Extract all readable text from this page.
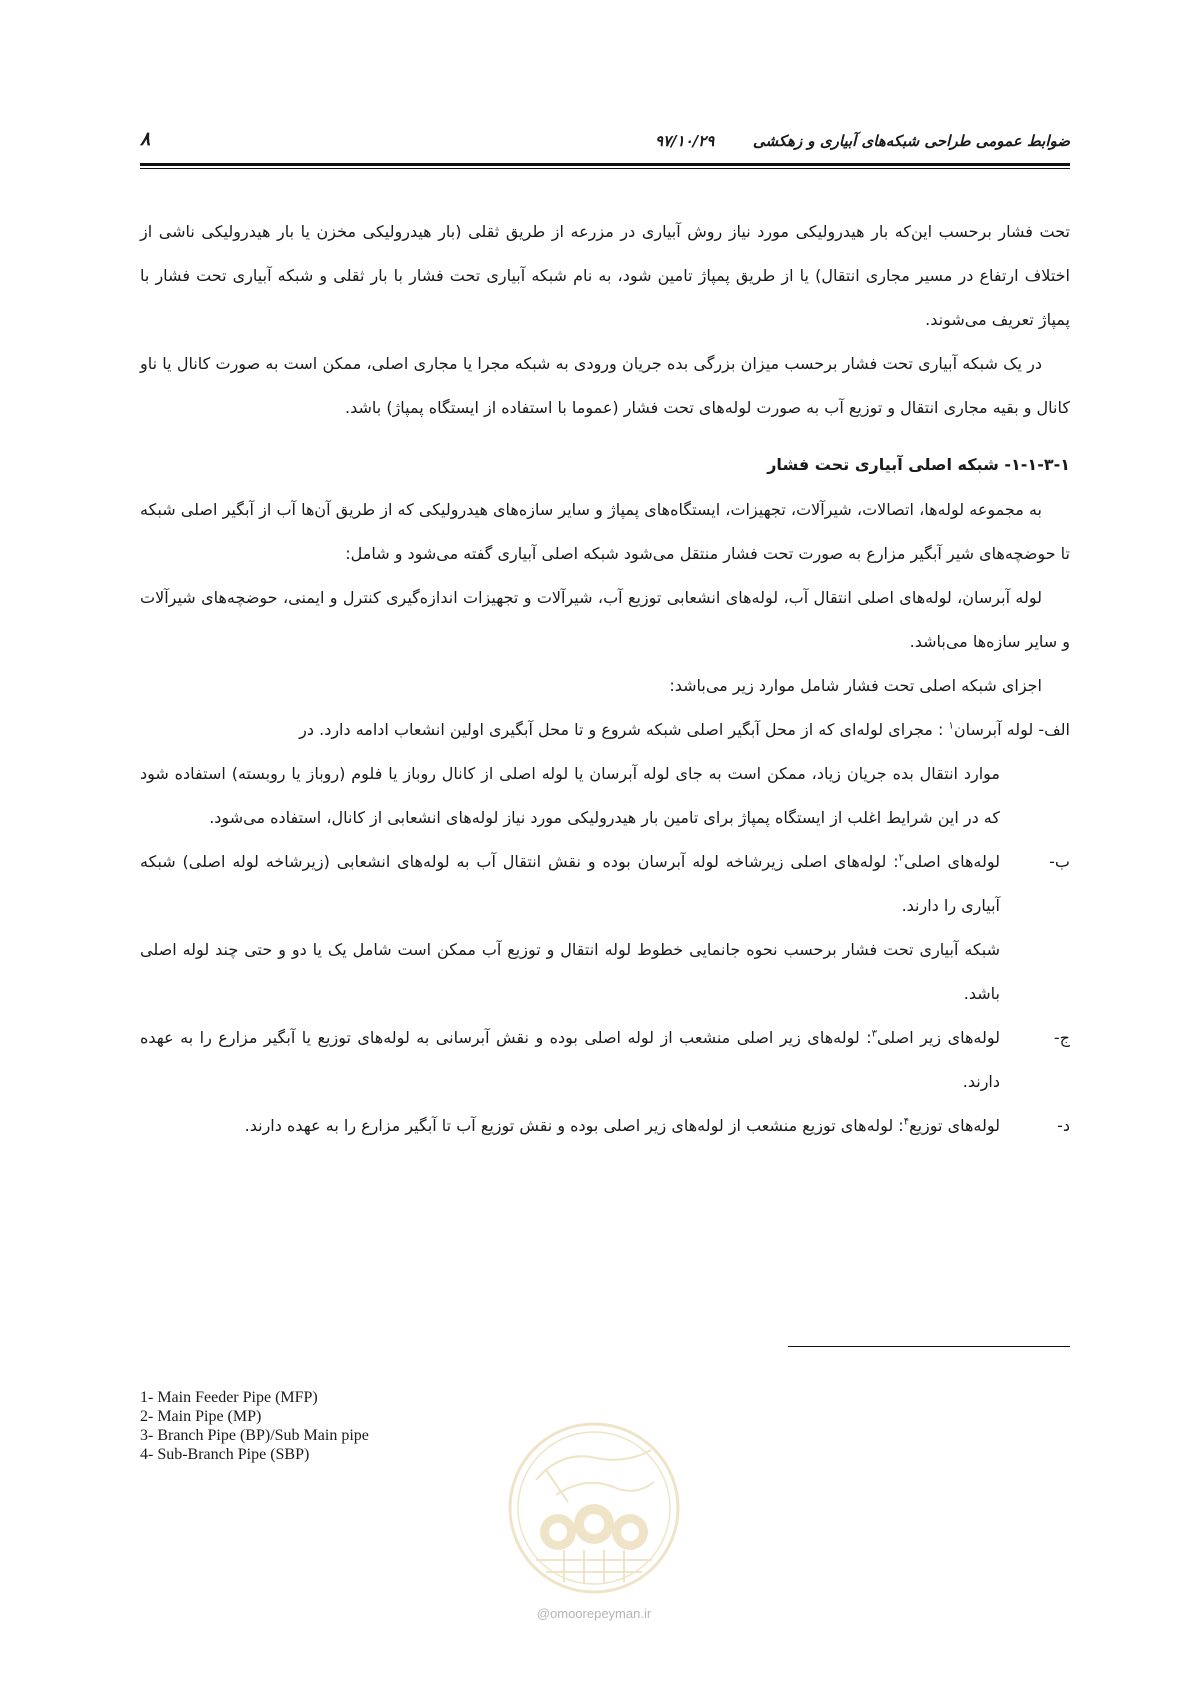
ضوابط عمومی طراحی شبکه‌های آبیاری و زهکشی
۹۷/۱۰/۲۹
۸

تحت فشار برحسب این‌که بار هیدرولیکی مورد نیاز روش آبیاری در مزرعه از طریق ثقلی (بار هیدرولیکی مخزن یا بار هیدرولیکی ناشی از اختلاف ارتفاع در مسیر مجاری انتقال) یا از طریق پمپاژ تامین شود، به نام شبکه آبیاری تحت فشار با بار ثقلی و شبکه آبیاری تحت فشار با پمپاژ تعریف می‌شوند.

در یک شبکه آبیاری تحت فشار برحسب میزان بزرگی بده جریان ورودی به شبکه مجرا یا مجاری اصلی، ممکن است به صورت کانال یا ناو کانال و بقیه مجاری انتقال و توزیع آب به صورت لوله‌های تحت فشار (عموما با استفاده از ایستگاه پمپاژ) باشد.

۱-۱-۳-۱- شبکه اصلی آبیاری تحت فشار

به مجموعه لوله‌ها، اتصالات، شیرآلات، تجهیزات، ایستگاه‌های پمپاژ و سایر سازه‌های هیدرولیکی که از طریق آن‌ها آب از آبگیر اصلی شبکه تا حوضچه‌های شیر آبگیر مزارع به صورت تحت فشار منتقل می‌شود شبکه اصلی آبیاری گفته می‌شود و شامل:

لوله آبرسان، لوله‌های اصلی انتقال آب، لوله‌های انشعابی توزیع آب، شیرآلات و تجهیزات اندازه‌گیری کنترل و ایمنی، حوضچه‌های شیرآلات و سایر سازه‌ها می‌باشد.

اجزای شبکه اصلی تحت فشار شامل موارد زیر می‌باشد:

الف- لوله آبرسان$^۱$ : مجرای لوله‌ای که از محل آبگیر اصلی شبکه شروع و تا محل آبگیری اولین انشعاب ادامه دارد. در

موارد انتقال بده جریان زیاد، ممکن است به جای لوله آبرسان یا لوله اصلی از کانال روباز یا فلوم (روباز یا روبسته) استفاده شود که در این شرایط اغلب از ایستگاه پمپاژ برای تامین بار هیدرولیکی مورد نیاز لوله‌های انشعابی از کانال، استفاده می‌شود.

ب-

لوله‌های اصلی$^۲$: لوله‌های اصلی زیرشاخه لوله آبرسان بوده و نقش انتقال آب به لوله‌های انشعابی (زیرشاخه لوله اصلی) شبکه آبیاری را دارند.

شبکه آبیاری تحت فشار برحسب نحوه جانمایی خطوط لوله انتقال و توزیع آب ممکن است شامل یک یا دو و حتی چند لوله اصلی باشد.

ج-

لوله‌های زیر اصلی$^۳$: لوله‌های زیر اصلی منشعب از لوله اصلی بوده و نقش آبرسانی به لوله‌های توزیع یا آبگیر مزارع را به عهده دارند.

د-

لوله‌های توزیع$^۴$: لوله‌های توزیع منشعب از لوله‌های زیر اصلی بوده و نقش توزیع آب تا آبگیر مزارع را به عهده دارند.

1- Main Feeder Pipe (MFP)
2- Main Pipe (MP)
3- Branch Pipe (BP)/Sub Main pipe
4- Sub-Branch Pipe (SBP)
@omoorepeyman.ir
